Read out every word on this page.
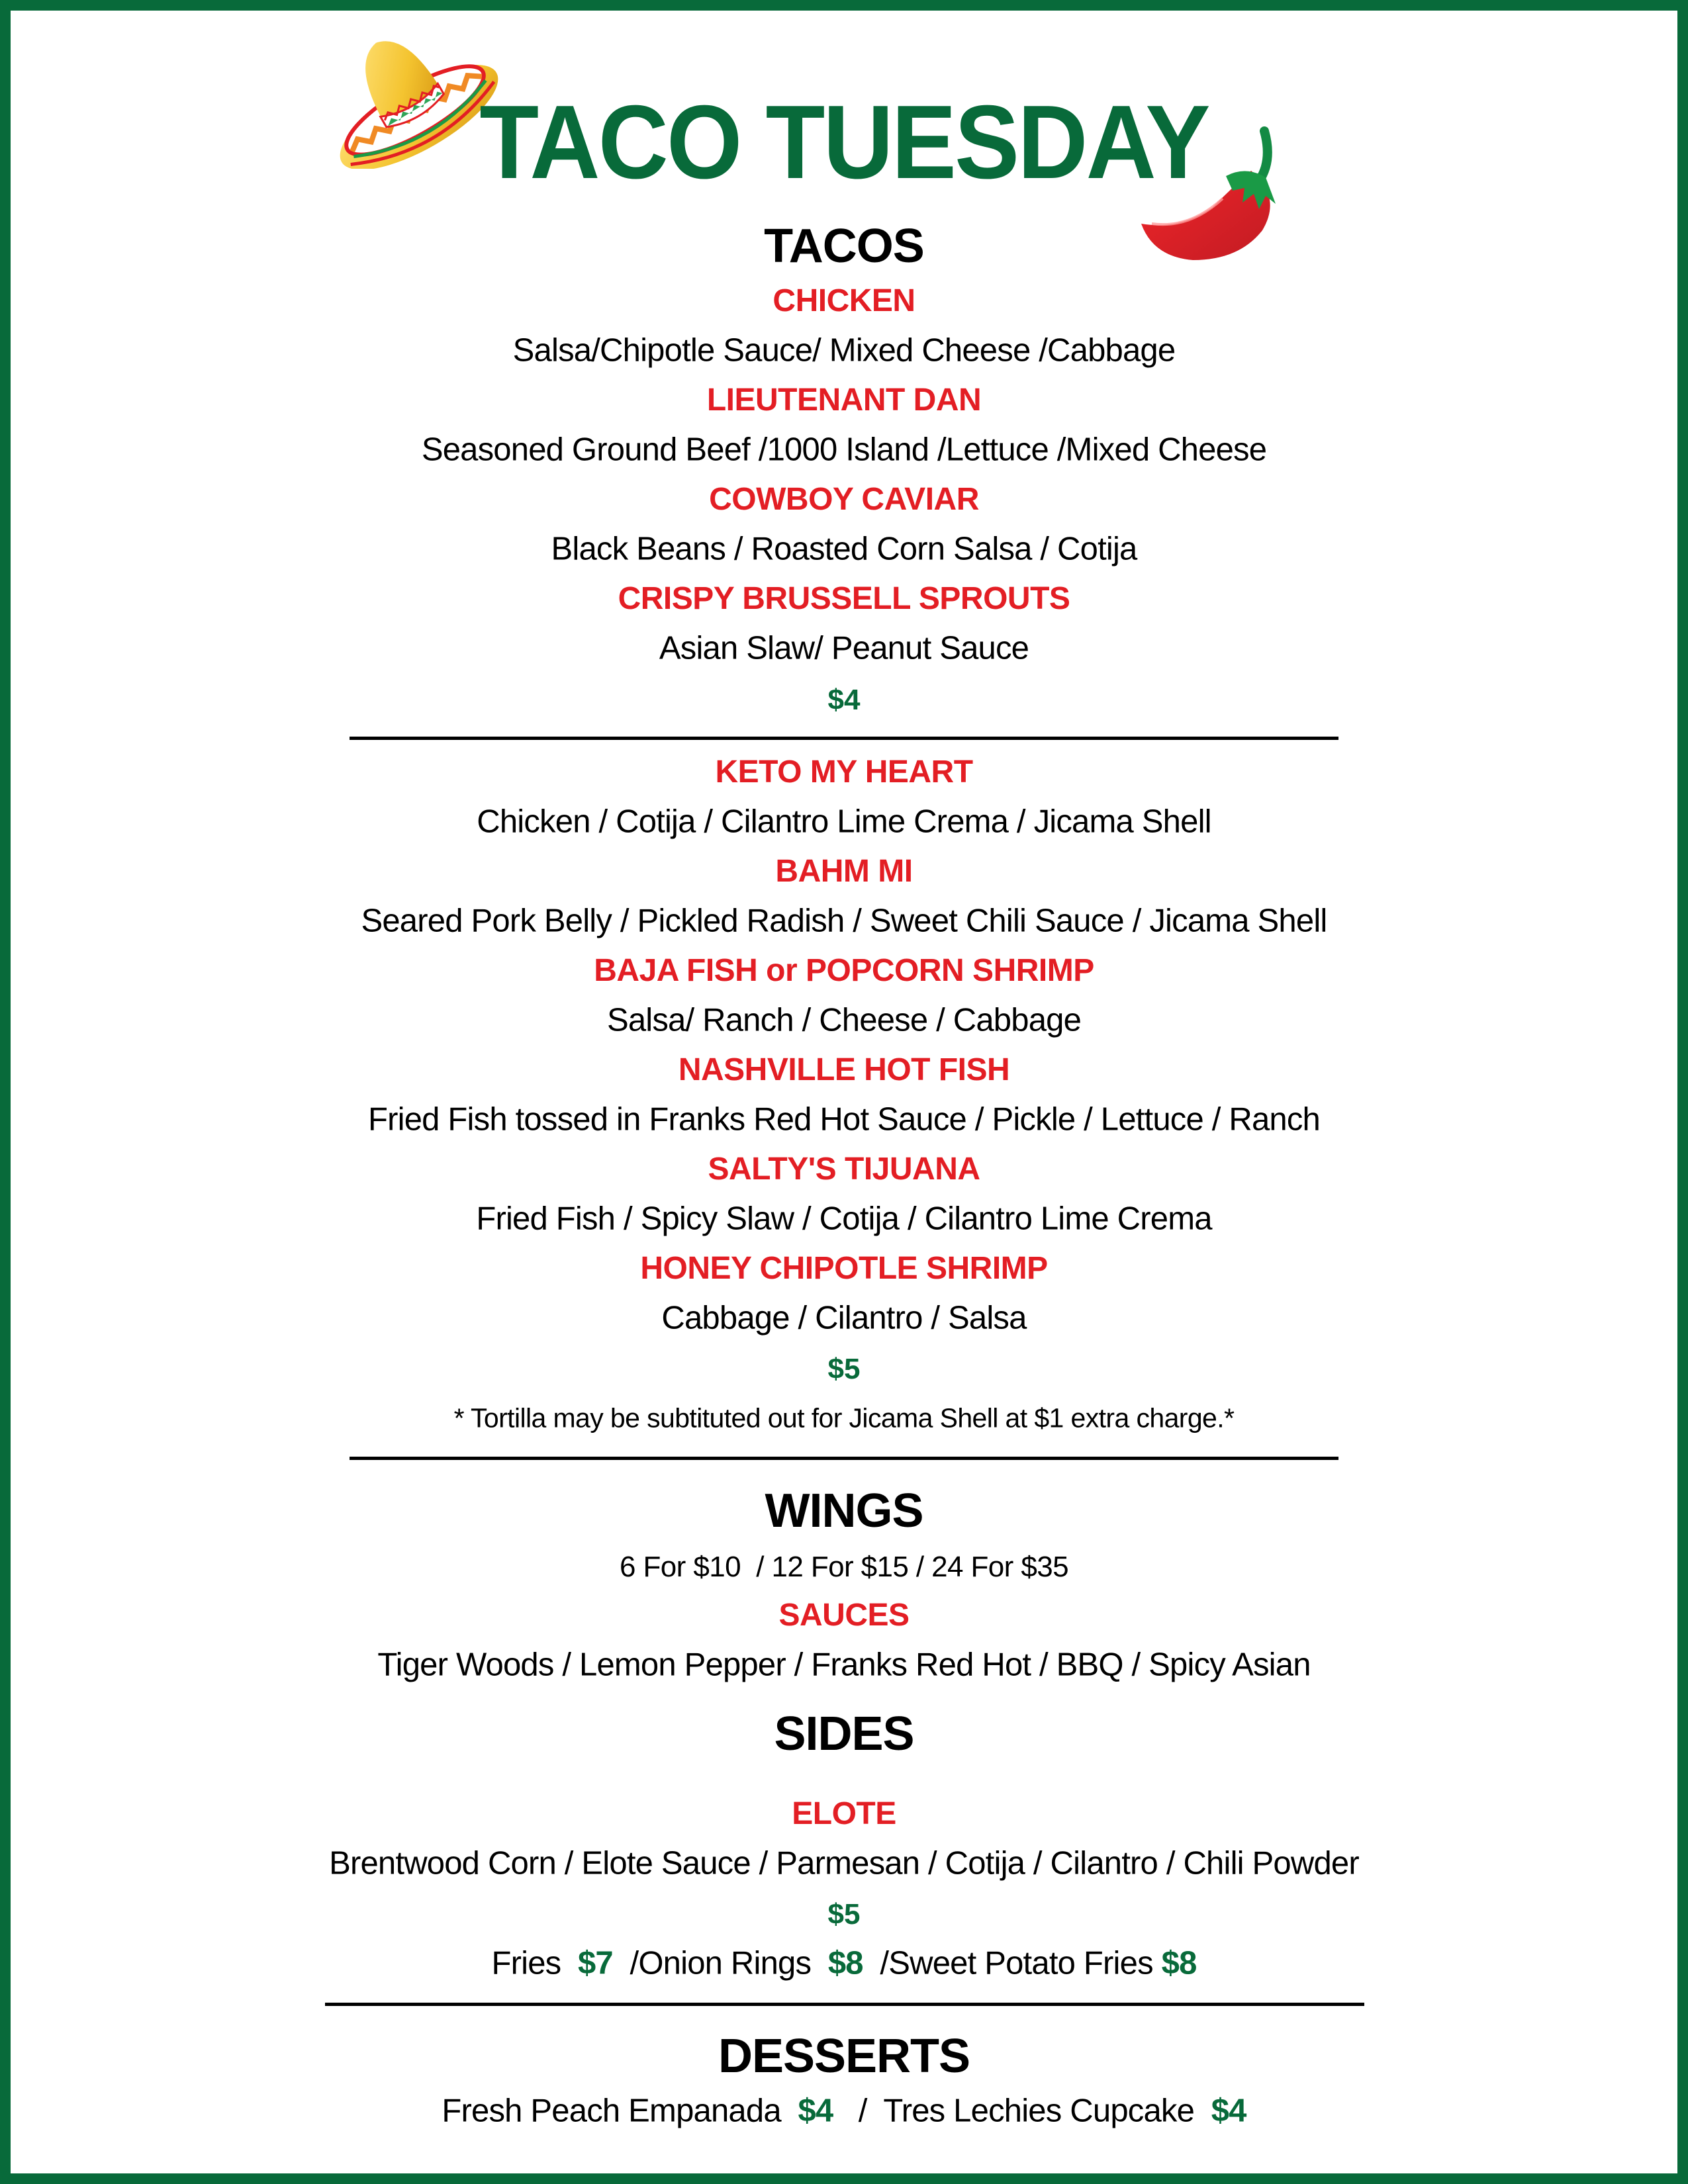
TACO TUESDAY
TACOS
CHICKEN
Salsa/Chipotle Sauce/ Mixed Cheese /Cabbage
LIEUTENANT DAN
Seasoned Ground Beef /1000 Island /Lettuce /Mixed Cheese
COWBOY CAVIAR
Black Beans / Roasted Corn Salsa / Cotija
CRISPY BRUSSELL SPROUTS
Asian Slaw/ Peanut Sauce
$4
KETO MY HEART
Chicken / Cotija / Cilantro Lime Crema / Jicama Shell
BAHM MI
Seared Pork Belly / Pickled Radish / Sweet Chili Sauce / Jicama Shell
BAJA FISH or POPCORN SHRIMP
Salsa/ Ranch / Cheese / Cabbage
NASHVILLE HOT FISH
Fried Fish tossed in Franks Red Hot Sauce / Pickle / Lettuce / Ranch
SALTY'S TIJUANA
Fried Fish / Spicy Slaw / Cotija / Cilantro Lime Crema
HONEY CHIPOTLE SHRIMP
Cabbage / Cilantro / Salsa
$5
* Tortilla may be subtituted out for Jicama Shell at $1 extra charge.*
WINGS
6 For $10  / 12 For $15 / 24 For $35
SAUCES
Tiger Woods / Lemon Pepper / Franks Red Hot / BBQ / Spicy Asian
SIDES
ELOTE
Brentwood Corn / Elote Sauce / Parmesan / Cotija / Cilantro / Chili Powder
$5
Fries $7 /Onion Rings $8 /Sweet Potato Fries $8
DESSERTS
Fresh Peach Empanada $4 / Tres Lechies Cupcake $4
